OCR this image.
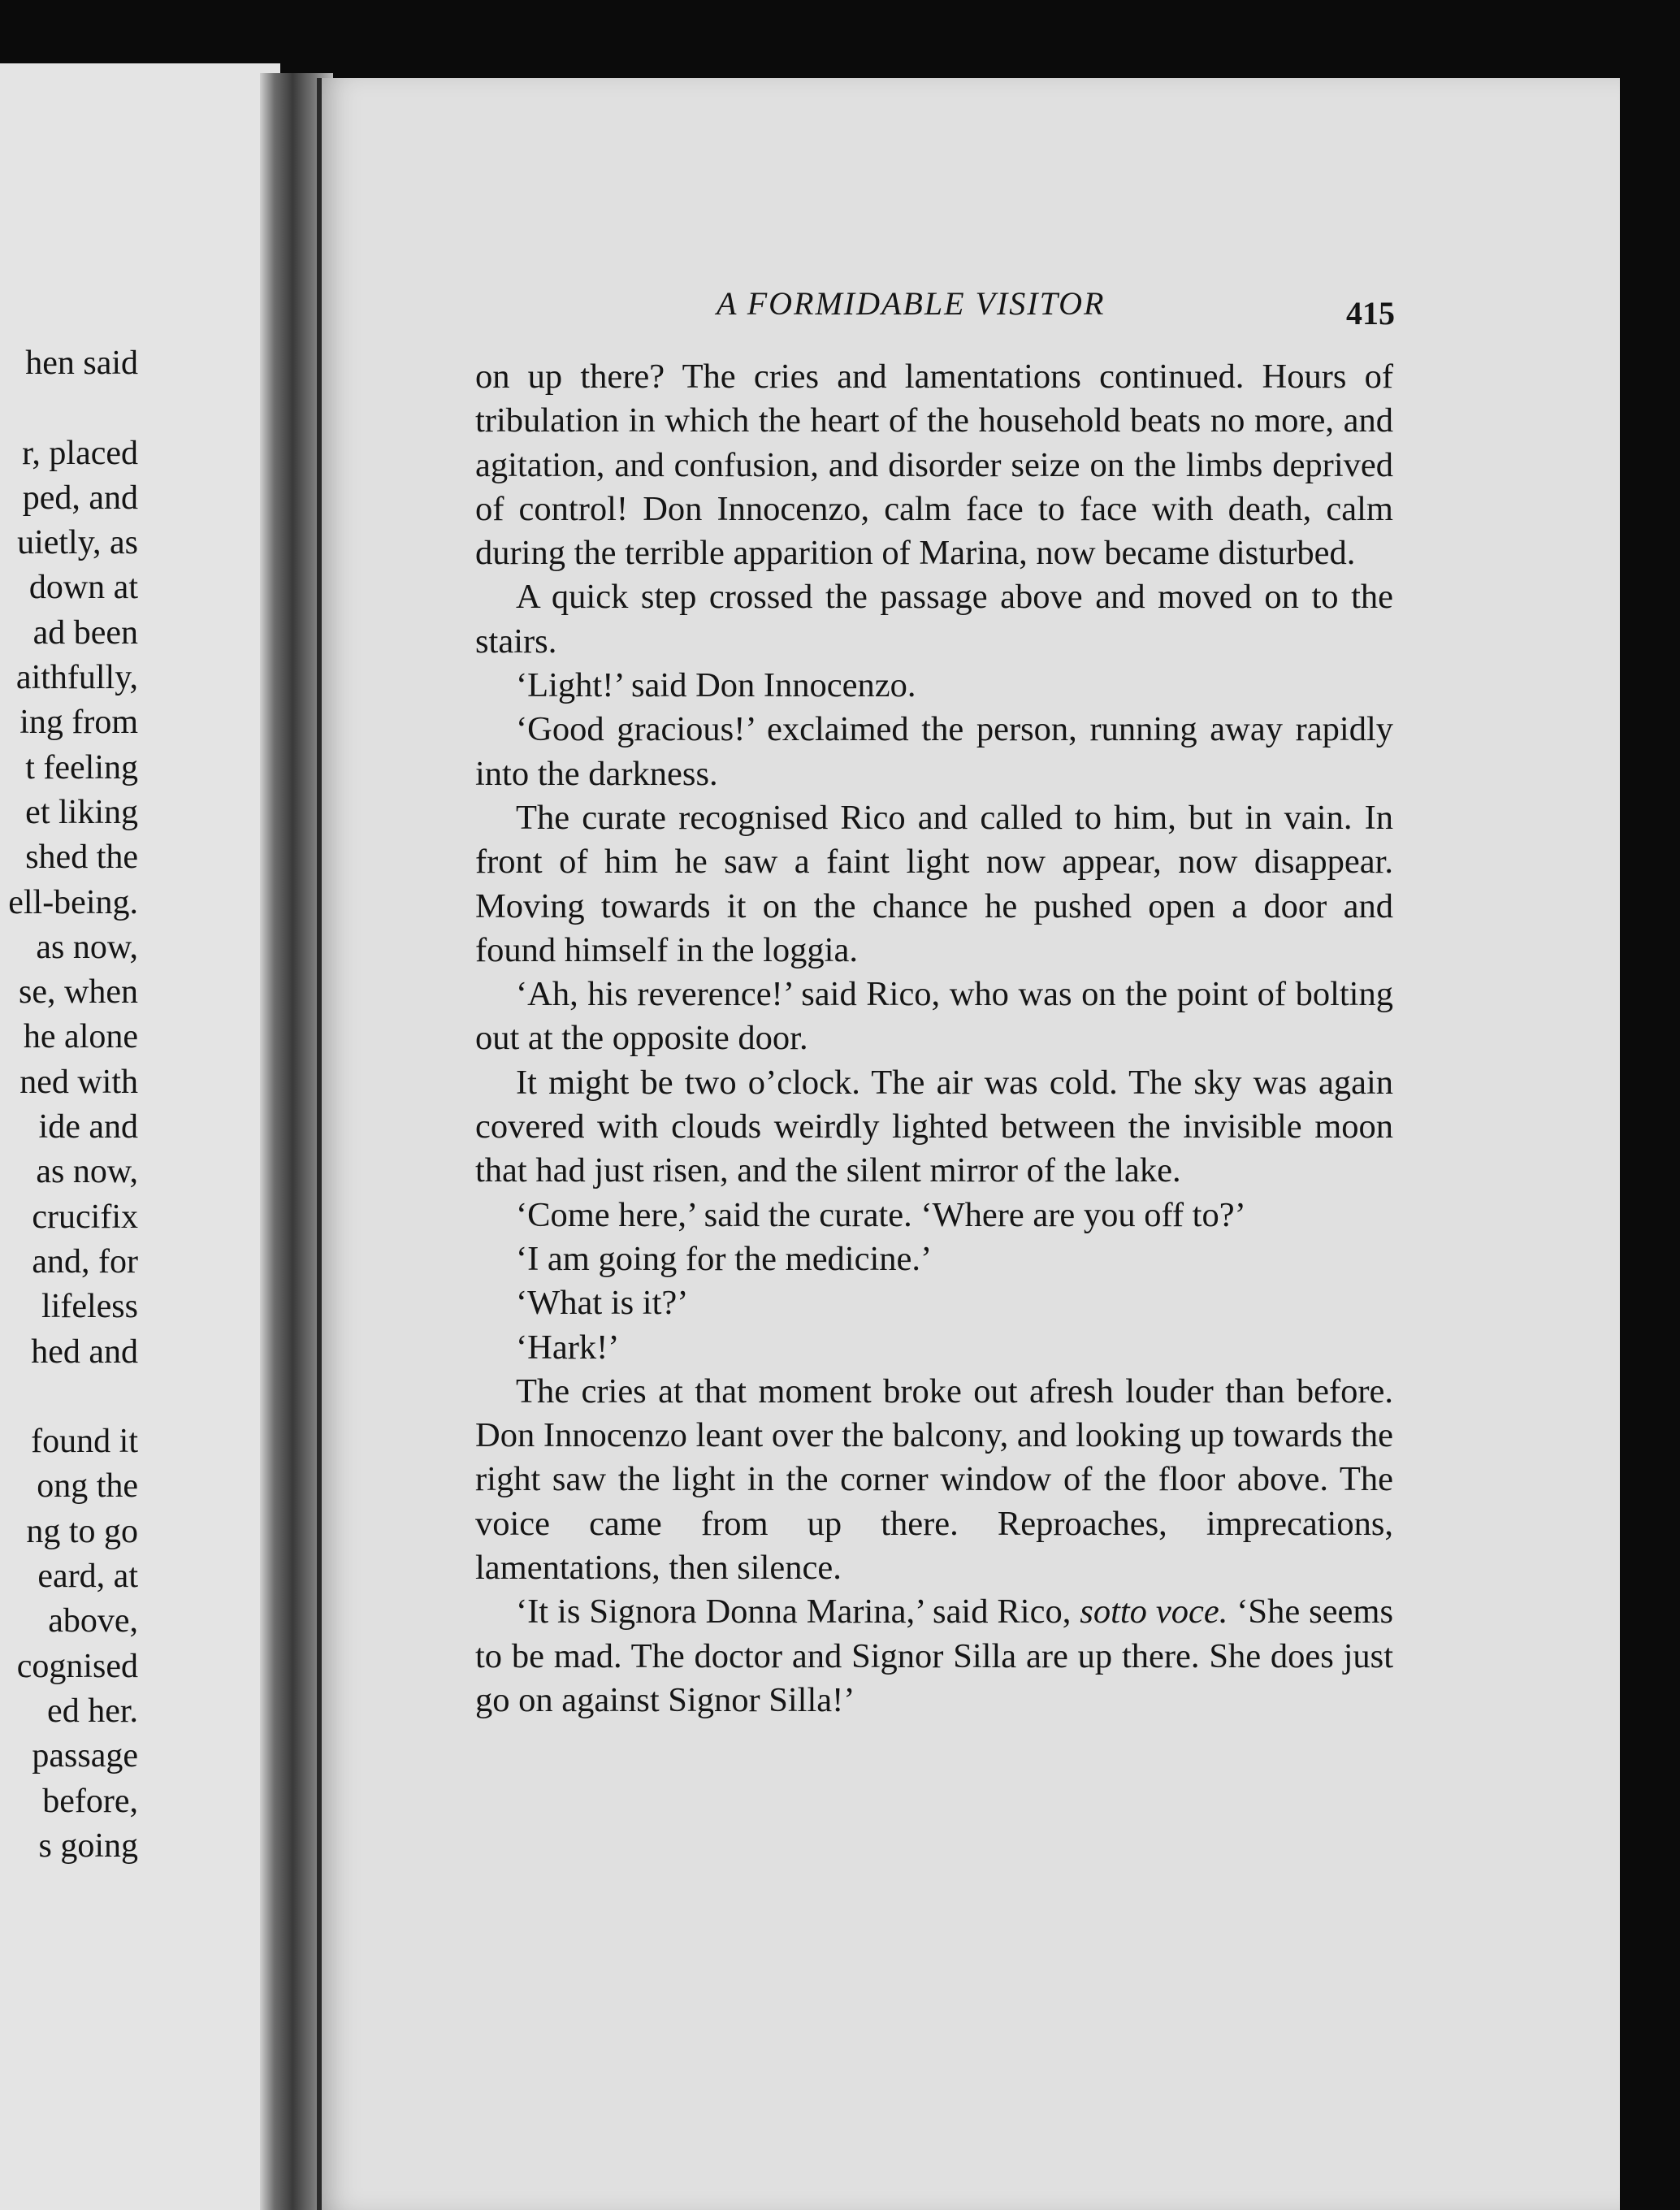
hen said
r, placed
ped, and
uietly, as
down at
ad been
aithfully,
ing from
t feeling
et liking
shed the
ell-being.
as now,
se, when
he alone
ned with
ide and
as now,
crucifix
and, for
lifeless
hed and
found it
ong the
ng to go
eard, at
above,
cognised
ed her.
passage
before,
s going
A FORMIDABLE VISITOR	415

on up there? The cries and lamentations continued. Hours of tribulation in which the heart of the household beats no more, and agitation, and confusion, and disorder seize on the limbs deprived of control! Don Innocenzo, calm face to face with death, calm during the terrible apparition of Marina, now became disturbed.

A quick step crossed the passage above and moved on to the stairs.

‘Light!’ said Don Innocenzo.

‘Good gracious!’ exclaimed the person, running away rapidly into the darkness.

The curate recognised Rico and called to him, but in vain. In front of him he saw a faint light now appear, now disappear. Moving towards it on the chance he pushed open a door and found himself in the loggia.

‘Ah, his reverence!’ said Rico, who was on the point of bolting out at the opposite door.

It might be two o’clock. The air was cold. The sky was again covered with clouds weirdly lighted between the invisible moon that had just risen, and the silent mirror of the lake.

‘Come here,’ said the curate. ‘Where are you off to?’

‘I am going for the medicine.’

‘What is it?’

‘Hark!’

The cries at that moment broke out afresh louder than before. Don Innocenzo leant over the balcony, and looking up towards the right saw the light in the corner window of the floor above. The voice came from up there. Reproaches, imprecations, lamentations, then silence.

‘It is Signora Donna Marina,’ said Rico, sotto voce. ‘She seems to be mad. The doctor and Signor Silla are up there. She does just go on against Signor Silla!’
